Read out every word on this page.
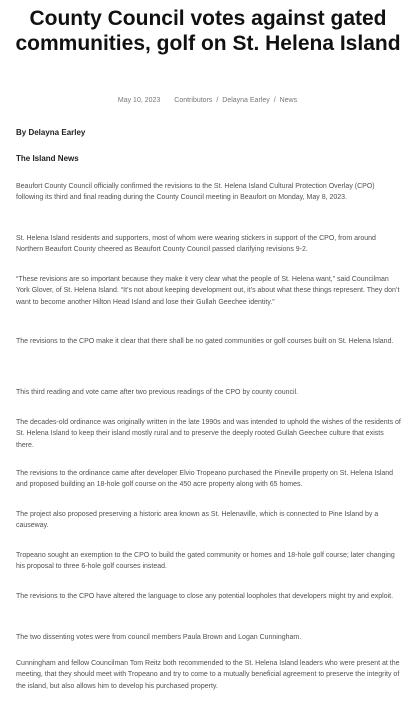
County Council votes against gated communities, golf on St. Helena Island
May 10, 2023 Contributors / Delayna Earley / News

By Delayna Earley

The Island News

Beaufort County Council officially confirmed the revisions to the St. Helena Island Cultural Protection Overlay (CPO) following its third and final reading during the County Council meeting in Beaufort on Monday, May 8, 2023.

St. Helena Island residents and supporters, most of whom were wearing stickers in support of the CPO, from around Northern Beaufort County cheered as Beaufort County Council passed clarifying revisions 9-2.

“These revisions are so important because they make it very clear what the people of St. Helena want,” said Councilman York Glover, of St. Helena Island. “It’s not about keeping development out, it’s about what these things represent. They don’t want to become another Hilton Head Island and lose their Gullah Geechee identity.”

The revisions to the CPO make it clear that there shall be no gated communities or golf courses built on St. Helena Island.

This third reading and vote came after two previous readings of the CPO by county council.

The decades-old ordinance was originally written in the late 1990s and was intended to uphold the wishes of the residents of St. Helena Island to keep their island mostly rural and to preserve the deeply rooted Gullah Geechee culture that exists there.

The revisions to the ordinance came after developer Elvio Tropeano purchased the Pineville property on St. Helena Island and proposed building an 18-hole golf course on the 450 acre property along with 65 homes.

The project also proposed preserving a historic area known as St. Helenaville, which is connected to Pine Island by a causeway.

Tropeano sought an exemption to the CPO to build the gated community or homes and 18-hole golf course; later changing his proposal to three 6-hole golf courses instead.

The revisions to the CPO have altered the language to close any potential loopholes that developers might try and exploit.

The two dissenting votes were from council members Paula Brown and Logan Cunningham.

Cunningham and fellow Councilman Tom Reitz both recommended to the St. Helena Island leaders who were present at the meeting, that they should meet with Tropeano and try to come to a mutually beneficial agreement to preserve the integrity of the island, but also allows him to develop his purchased property.
